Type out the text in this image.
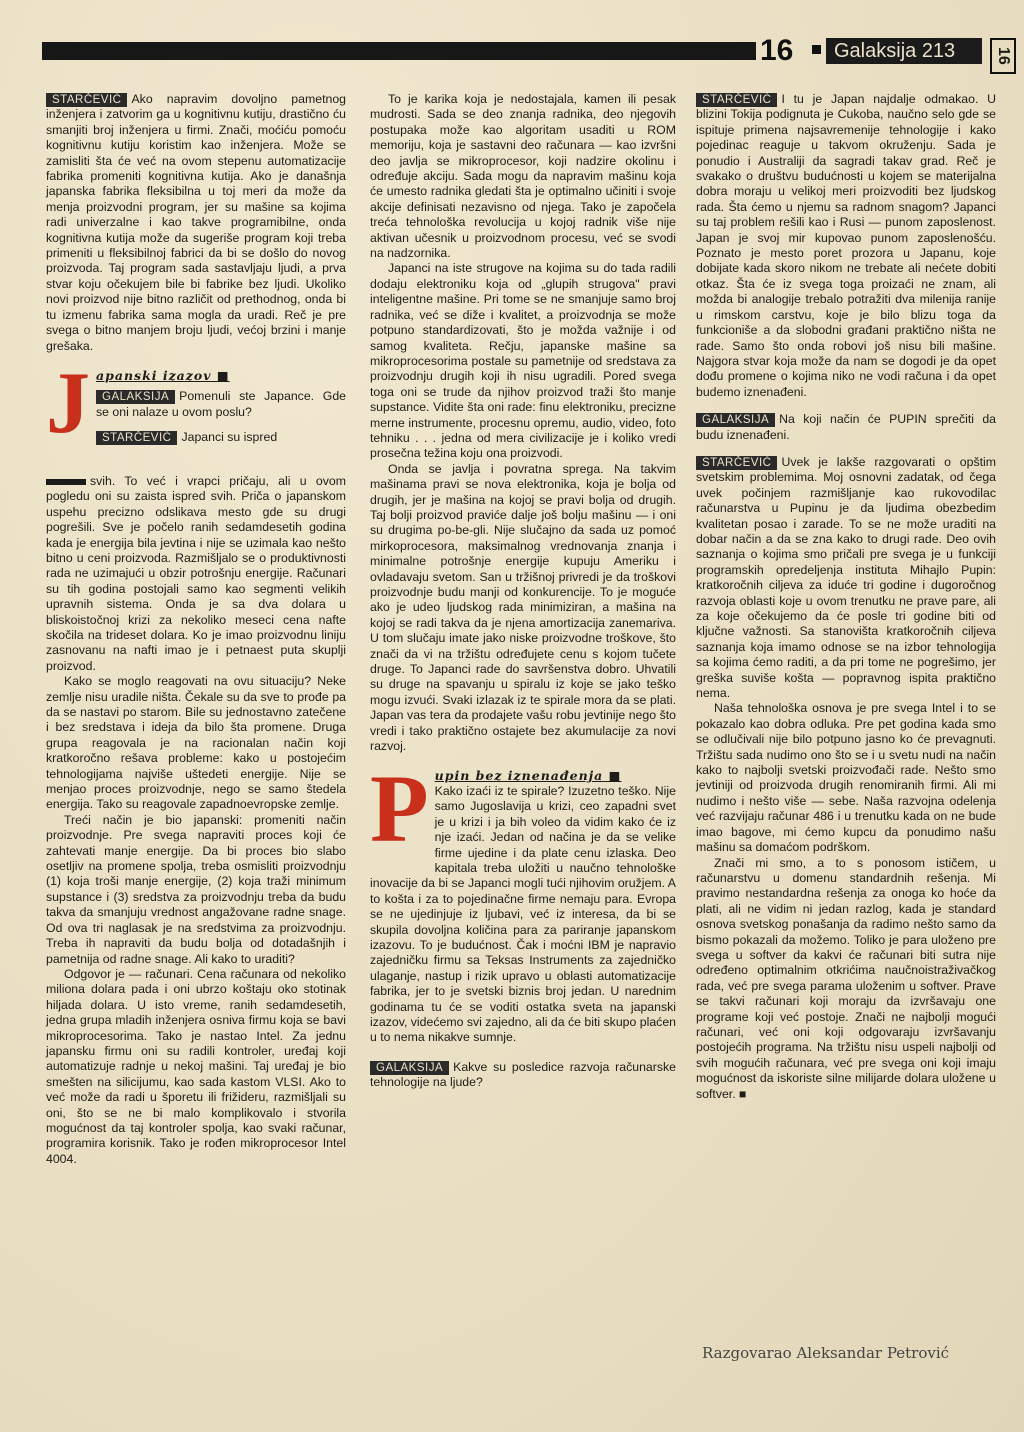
16	Galaksija 213	16

STARČEVIĆ Ako napravim dovoljno pametnog inženjera i zatvorim ga u kognitivnu kutiju, drastično ću smanjiti broj inženjera u firmi. Znači, moćiću pomoću kognitivnu kutiju koristim kao inženjera. Može se zamisliti šta će već na ovom stepenu automatizacije fabrika promeniti kognitivna kutija. Ako je današnja japanska fabrika fleksibilna u toj meri da može da menja proizvodni program, jer su mašine sa kojima radi univerzalne i kao takve programibilne, onda kognitivna kutija može da sugeriše program koji treba primeniti u fleksibilnoj fabrici da bi se došlo do novog proizvoda. Taj program sada sastavljaju ljudi, a prva stvar koju očekujem bile bi fabrike bez ljudi. Ukoliko novi proizvod nije bitno različit od prethodnog, onda bi tu izmenu fabrika sama mogla da uradi. Reč je pre svega o bitno manjem broju ljudi, većoj brzini i manje grešaka.

J apanski izazov ■

GALAKSIJA Pomenuli ste Japance. Gde se oni nalaze u ovom poslu?

STARČEVIĆ Japanci su ispred

svih. To već i vrapci pričaju, ali u ovom pogledu oni su zaista ispred svih. Priča o japanskom uspehu precizno odslikava mesto gde su drugi pogrešili. Sve je počelo ranih sedamdesetih godina kada je energija bila jevtina i nije se uzimala kao nešto bitno u ceni proizvoda. Razmišljalo se o produktivnosti rada ne uzimajući u obzir potrošnju energije. Računari su tih godina postojali samo kao segmenti velikih upravnih sistema. Onda je sa dva dolara u bliskoistočnoj krizi za nekoliko meseci cena nafte skočila na trideset dolara. Ko je imao proizvodnu liniju zasnovanu na nafti imao je i petnaest puta skuplji proizvod.

Kako se moglo reagovati na ovu situaciju? Neke zemlje nisu uradile ništa. Čekale su da sve to prođe pa da se nastavi po starom. Bile su jednostavno zatečene i bez sredstava i ideja da bilo šta promene. Druga grupa reagovala je na racionalan način koji kratkoročno rešava probleme: kako u postojećim tehnologijama najviše uštedeti energije. Nije se menjao proces proizvodnje, nego se samo štedela energija. Tako su reagovale zapadnoevropske zemlje.

Treći način je bio japanski: promeniti način proizvodnje. Pre svega napraviti proces koji će zahtevati manje energije. Da bi proces bio slabo osetljiv na promene spolja, treba osmisliti proizvodnju (1) koja troši manje energije, (2) koja traži minimum supstance i (3) sredstva za proizvodnju treba da budu takva da smanjuju vrednost angažovane radne snage. Od ova tri naglasak je na sredstvima za proizvodnju. Treba ih napraviti da budu bolja od dotadašnjih i pametnija od radne snage. Ali kako to uraditi?

Odgovor je — računari. Cena računara od nekoliko miliona dolara pada i oni ubrzo koštaju oko stotinak hiljada dolara. U isto vreme, ranih sedamdesetih, jedna grupa mladih inženjera osniva firmu koja se bavi mikroprocesorima. Tako je nastao Intel. Za jednu japansku firmu oni su radili kontroler, uređaj koji automatizuje radnje u nekoj mašini. Taj uređaj je bio smešten na silicijumu, kao sada kastom VLSI. Ako to već može da radi u šporetu ili frižideru, razmišljali su oni, što se ne bi malo komplikovalo i stvorila mogućnost da taj kontroler spolja, kao svaki računar, programira korisnik. Tako je rođen mikroprocesor Intel 4004.

To je karika koja je nedostajala, kamen ili pesak mudrosti. Sada se deo znanja radnika, deo njegovih postupaka može kao algoritam usaditi u ROM memoriju, koja je sastavni deo računara — kao izvršni deo javlja se mikroprocesor, koji nadzire okolinu i određuje akciju. Sada mogu da napravim mašinu koja će umesto radnika gledati šta je optimalno učiniti i svoje akcije definisati nezavisno od njega. Tako je započela treća tehnološka revolucija u kojoj radnik više nije aktivan učesnik u proizvodnom procesu, već se svodi na nadzornika.

Japanci na iste strugove na kojima su do tada radili dodaju elektroniku koja od „glupih strugova" pravi inteligentne mašine. Pri tome se ne smanjuje samo broj radnika, već se diže i kvalitet, a proizvodnja se može potpuno standardizovati, što je možda važnije i od samog kvaliteta. Rečju, japanske mašine sa mikroprocesorima postale su pametnije od sredstava za proizvodnju drugih koji ih nisu ugradili. Pored svega toga oni se trude da njihov proizvod traži što manje supstance. Vidite šta oni rade: finu elektroniku, precizne merne instrumente, procesnu opremu, audio, video, foto tehniku . . . jedna od mera civilizacije je i koliko vredi prosečna težina koju ona proizvodi.

Onda se javlja i povratna sprega. Na takvim mašinama pravi se nova elektronika, koja je bolja od drugih, jer je mašina na kojoj se pravi bolja od drugih. Taj bolji proizvod praviće dalje još bolju mašinu — i oni su drugima po-be-gli. Nije slučajno da sada uz pomoć mirkoprocesora, maksimalnog vrednovanja znanja i minimalne potrošnje energije kupuju Ameriku i ovladavaju svetom. San u tržišnoj privredi je da troškovi proizvodnje budu manji od konkurencije. To je moguće ako je udeo ljudskog rada minimiziran, a mašina na kojoj se radi takva da je njena amortizacija zanemariva. U tom slučaju imate jako niske proizvodne troškove, što znači da vi na tržištu određujete cenu s kojom tučete druge. To Japanci rade do savršenstva dobro. Uhvatili su druge na spavanju u spiralu iz koje se jako teško mogu izvući. Svaki izlazak iz te spirale mora da se plati. Japan vas tera da prodajete vašu robu jevtinije nego što vredi i tako praktično ostajete bez akumulacije za novi razvoj.

P upin bez iznenađenja ■

Kako izaći iz te spirale? Izuzetno teško. Nije samo Jugoslavija u krizi, ceo zapadni svet je u krizi i ja bih voleo da vidim kako će iz nje izaći. Jedan od načina je da se velike firme ujedine i da plate cenu izlaska. Deo kapitala treba uložiti u naučno tehnološke inovacije da bi se Japanci mogli tući njihovim oružjem. A to košta i za to pojedinačne firme nemaju para. Evropa se ne ujedinjuje iz ljubavi, već iz interesa, da bi se skupila dovoljna količina para za pariranje japanskom izazovu. To je budućnost. Čak i moćni IBM je napravio zajedničku firmu sa Teksas Instruments za zajedničko ulaganje, nastup i rizik upravo u oblasti automatizacije fabrika, jer to je svetski biznis broj jedan. U narednim godinama tu će se voditi ostatka sveta na japanski izazov, videćemo svi zajedno, ali da će biti skupo plaćen u to nema nikakve sumnje.

GALAKSIJA Kakve su posledice razvoja računarske tehnologije na ljude?

STARČEVIĆ I tu je Japan najdalje odmakao. U blizini Tokija podignuta je Cukoba, naučno selo gde se ispituje primena najsavremenije tehnologije i kako pojedinac reaguje u takvom okruženju. Sada je ponudio i Australiji da sagradi takav grad. Reč je svakako o društvu budućnosti u kojem se materijalna dobra moraju u velikoj meri proizvoditi bez ljudskog rada. Šta ćemo u njemu sa radnom snagom? Japanci su taj problem rešili kao i Rusi — punom zaposlenost. Japan je svoj mir kupovao punom zaposlenošću. Poznato je mesto poret prozora u Japanu, koje dobijate kada skoro nikom ne trebate ali nećete dobiti otkaz. Šta će iz svega toga proizaći ne znam, ali možda bi analogije trebalo potražiti dva milenija ranije u rimskom carstvu, koje je bilo blizu toga da funkcioniše a da slobodni građani praktično ništa ne rade. Samo što onda robovi još nisu bili mašine. Najgora stvar koja može da nam se dogodi je da opet dođu promene o kojima niko ne vodi računa i da opet budemo iznenađeni.

GALAKSIJA Na koji način će PUPIN sprečiti da budu iznenađeni.

STARČEVIĆ Uvek je lakše razgovarati o opštim svetskim problemima. Moj osnovni zadatak, od čega uvek počinjem razmišljanje kao rukovodilac računarstva u Pupinu je da ljudima obezbedim kvalitetan posao i zarade. To se ne može uraditi na dobar način a da se zna kako to drugi rade. Deo ovih saznanja o kojima smo pričali pre svega je u funkciji programskih opredeljenja instituta Mihajlo Pupin: kratkoročnih ciljeva za iduće tri godine i dugoročnog razvoja oblasti koje u ovom trenutku ne prave pare, ali za koje očekujemo da će posle tri godine biti od ključne važnosti. Sa stanovišta kratkoročnih ciljeva saznanja koja imamo odnose se na izbor tehnologija sa kojima ćemo raditi, a da pri tome ne pogrešimo, jer greška suviše košta — popravnog ispita praktično nema.

Naša tehnološka osnova je pre svega Intel i to se pokazalo kao dobra odluka. Pre pet godina kada smo se odlučivali nije bilo potpuno jasno ko će prevagnuti. Tržištu sada nudimo ono što se i u svetu nudi na način kako to najbolji svetski proizvođači rade. Nešto smo jevtiniji od proizvoda drugih renomiranih firmi. Ali mi nudimo i nešto više — sebe. Naša razvojna odelenja već razvijaju računar 486 i u trenutku kada on ne bude imao bagove, mi ćemo kupcu da ponudimo našu mašinu sa domaćom podrškom.

Znači mi smo, a to s ponosom ističem, u računarstvu u domenu standardnih rešenja. Mi pravimo nestandardna rešenja za onoga ko hoće da plati, ali ne vidim ni jedan razlog, kada je standard osnova svetskog ponašanja da radimo nešto samo da bismo pokazali da možemo. Toliko je para uloženo pre svega u softver da kakvi će računari biti sutra nije određeno optimalnim otkrićima naučnoistraživačkog rada, već pre svega parama uloženim u softver. Prave se takvi računari koji moraju da izvršavaju one programe koji već postoje. Znači ne najbolji mogući računari, već oni koji odgovaraju izvršavanju postojećih programa. Na tržištu nisu uspeli najbolji od svih mogućih računara, već pre svega oni koji imaju mogućnost da iskoriste silne milijarde dolara uložene u softver. ■

Razgovarao Aleksandar Petrović
